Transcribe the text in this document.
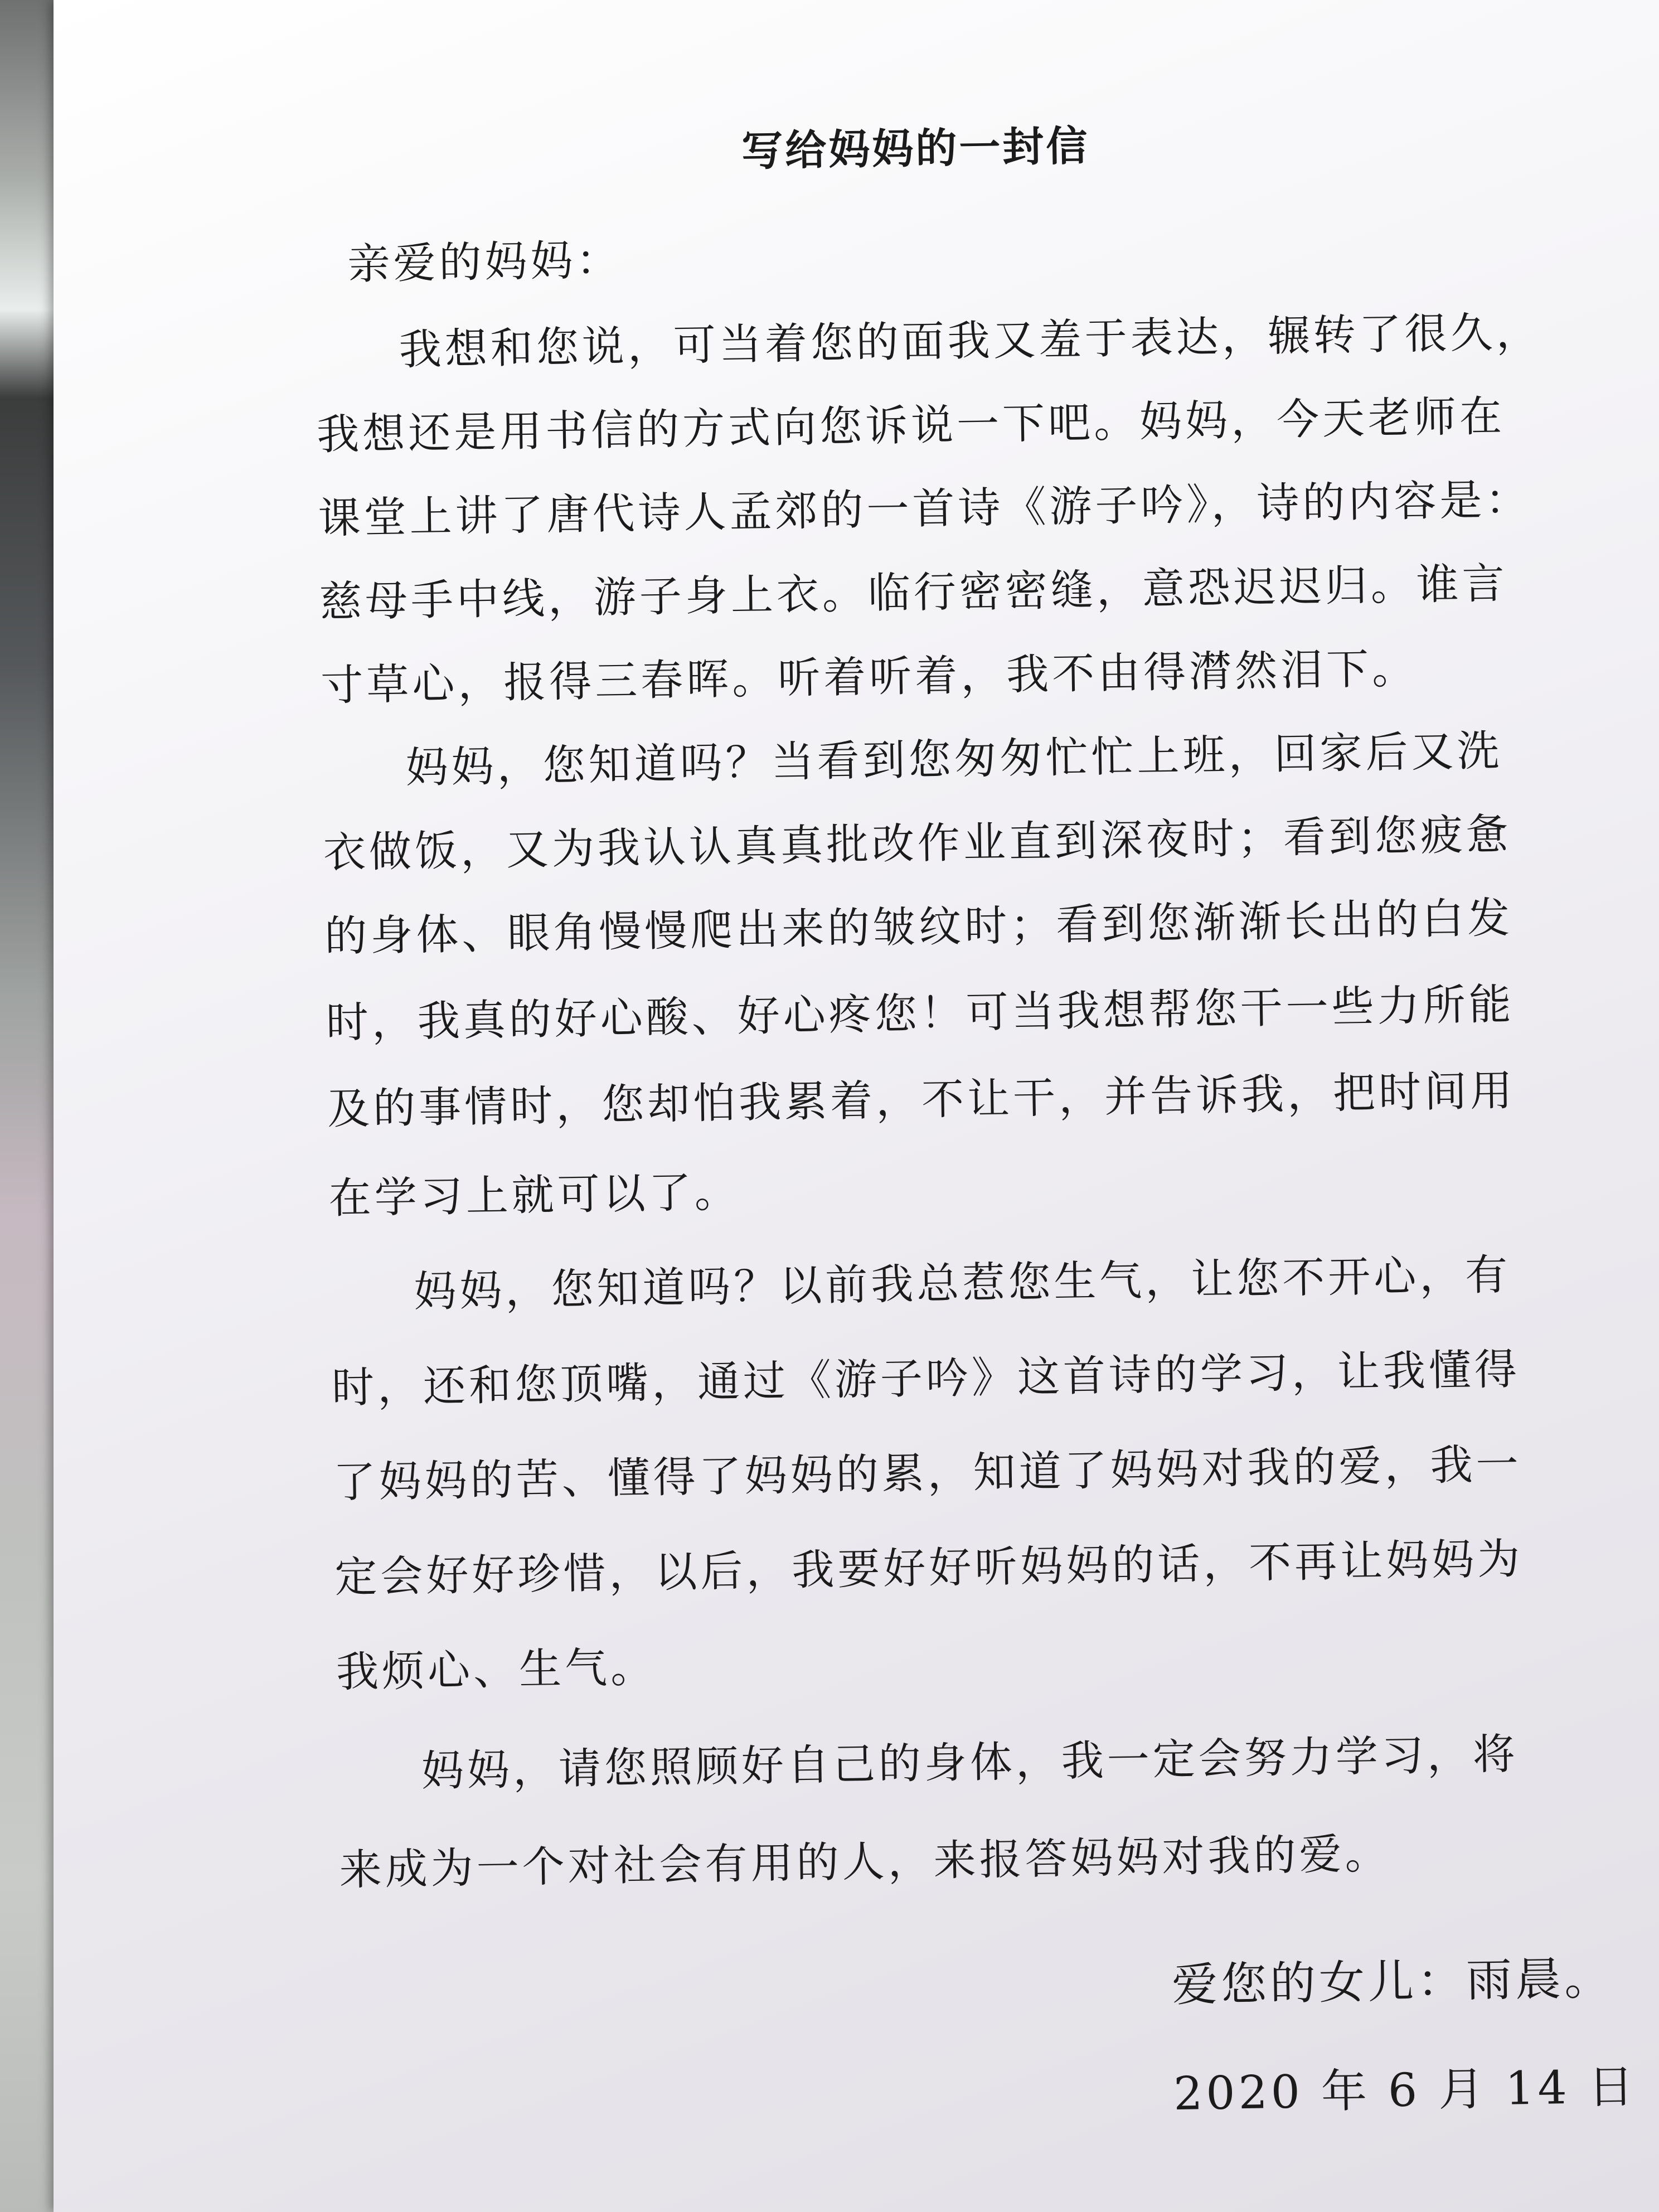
写给妈妈的一封信
亲爱的妈妈：
我想和您说，可当着您的面我又羞于表达，辗转了很久，
我想还是用书信的方式向您诉说一下吧。妈妈，今天老师在
课堂上讲了唐代诗人孟郊的一首诗《游子吟》，诗的内容是：
慈母手中线，游子身上衣。临行密密缝，意恐迟迟归。谁言
寸草心，报得三春晖。听着听着，我不由得潸然泪下。
妈妈，您知道吗？当看到您匆匆忙忙上班，回家后又洗
衣做饭，又为我认认真真批改作业直到深夜时；看到您疲惫
的身体、眼角慢慢爬出来的皱纹时；看到您渐渐长出的白发
时，我真的好心酸、好心疼您！可当我想帮您干一些力所能
及的事情时，您却怕我累着，不让干，并告诉我，把时间用
在学习上就可以了。
妈妈，您知道吗？以前我总惹您生气，让您不开心，有
时，还和您顶嘴，通过《游子吟》这首诗的学习，让我懂得
了妈妈的苦、懂得了妈妈的累，知道了妈妈对我的爱，我一
定会好好珍惜，以后，我要好好听妈妈的话，不再让妈妈为
我烦心、生气。
妈妈，请您照顾好自己的身体，我一定会努力学习，将
来成为一个对社会有用的人，来报答妈妈对我的爱。
爱您的女儿：雨晨。
2020 年 6 月 14 日
